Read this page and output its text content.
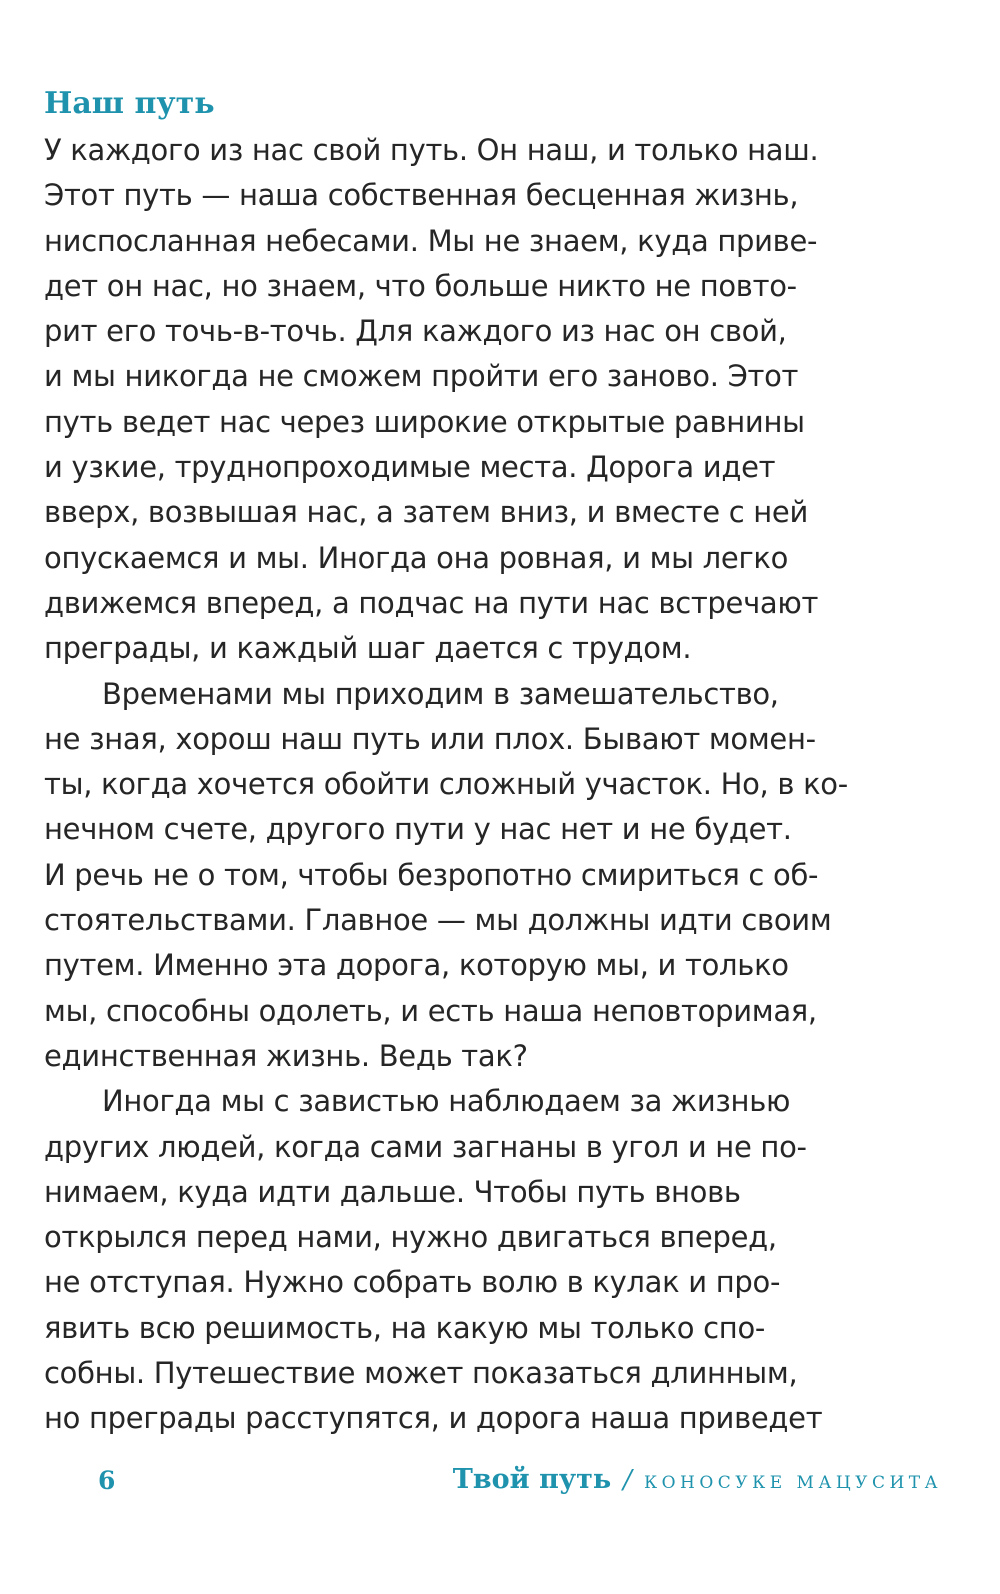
Наш путь
У каждого из нас свой путь. Он наш, и только наш.
Этот путь — наша собственная бесценная жизнь,
ниспосланная небесами. Мы не знаем, куда приве-
дет он нас, но знаем, что больше никто не повто-
рит его точь-в-точь. Для каждого из нас он свой,
и мы никогда не сможем пройти его заново. Этот
путь ведет нас через широкие открытые равнины
и узкие, труднопроходимые места. Дорога идет
вверх, возвышая нас, а затем вниз, и вместе с ней
опускаемся и мы. Иногда она ровная, и мы легко
движемся вперед, а подчас на пути нас встречают
преграды, и каждый шаг дается с трудом.
Временами мы приходим в замешательство,
не зная, хорош наш путь или плох. Бывают момен-
ты, когда хочется обойти сложный участок. Но, в ко-
нечном счете, другого пути у нас нет и не будет.
И речь не о том, чтобы безропотно смириться с об-
стоятельствами. Главное — мы должны идти своим
путем. Именно эта дорога, которую мы, и только
мы, способны одолеть, и есть наша неповторимая,
единственная жизнь. Ведь так?
Иногда мы с завистью наблюдаем за жизнью
других людей, когда сами загнаны в угол и не по-
нимаем, куда идти дальше. Чтобы путь вновь
открылся перед нами, нужно двигаться вперед,
не отступая. Нужно собрать волю в кулак и про-
явить всю решимость, на какую мы только спо-
собны. Путешествие может показаться длинным,
но преграды расступятся, и дорога наша приведет
6	Твой путь / КОНОСУКЕ МАЦУСИТА
